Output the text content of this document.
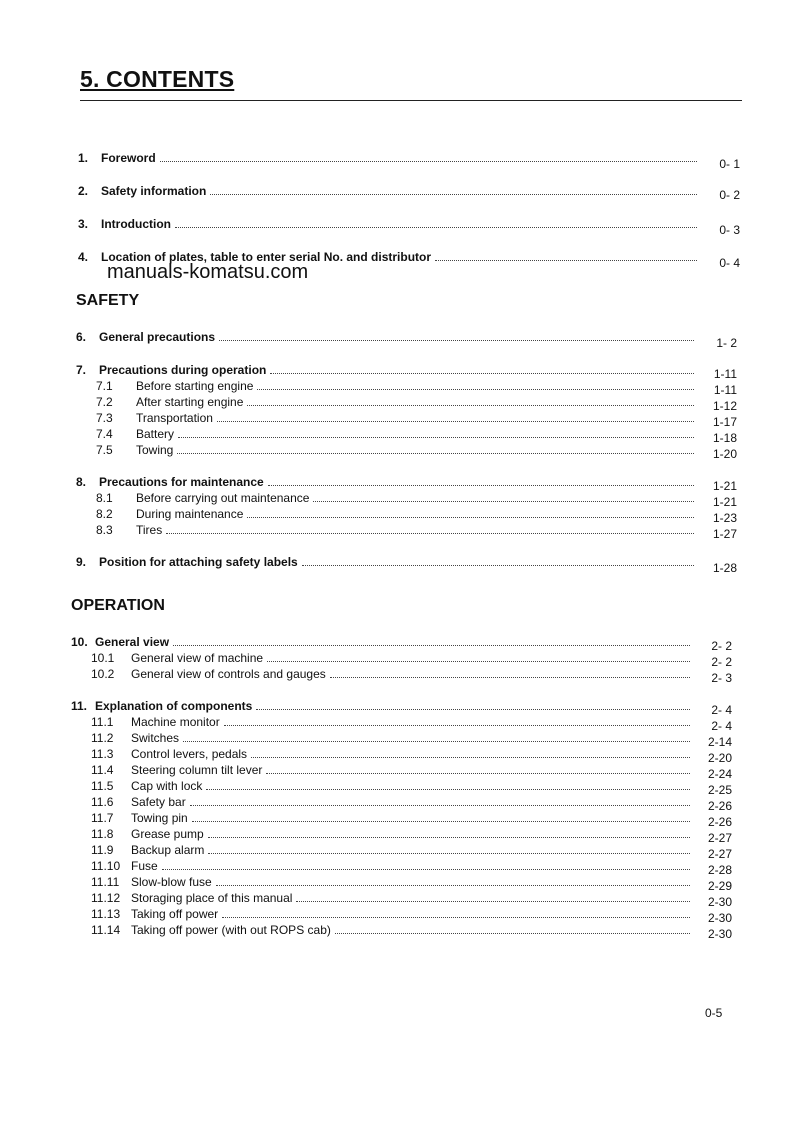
5. CONTENTS
manuals-komatsu.com
SAFETY
OPERATION
1.	Foreword	0- 1
2.	Safety information	0- 2
3.	Introduction	0- 3
4.	Location of plates, table to enter serial No. and distributor	0- 4
6.	General precautions	1- 2
7.	Precautions during operation	1-11
7.1	Before starting engine	1-11
7.2	After starting engine	1-12
7.3	Transportation	1-17
7.4	Battery	1-18
7.5	Towing	1-20
8.	Precautions for maintenance	1-21
8.1	Before carrying out maintenance	1-21
8.2	During maintenance	1-23
8.3	Tires	1-27
9.	Position for attaching safety labels	1-28
10. General view	2- 2
10.1	General view of machine	2- 2
10.2	General view of controls and gauges	2- 3
11. Explanation of components	2- 4
11.1	Machine monitor	2- 4
11.2	Switches	2-14
11.3	Control levers, pedals	2-20
11.4	Steering column tilt lever	2-24
11.5	Cap with lock	2-25
11.6	Safety bar	2-26
11.7	Towing pin	2-26
11.8	Grease pump	2-27
11.9	Backup alarm	2-27
11.10 Fuse	2-28
11.11 Slow-blow fuse	2-29
11.12 Storaging place of this manual	2-30
11.13 Taking off power	2-30
11.14 Taking off power (with out ROPS cab)	2-30
0-5
